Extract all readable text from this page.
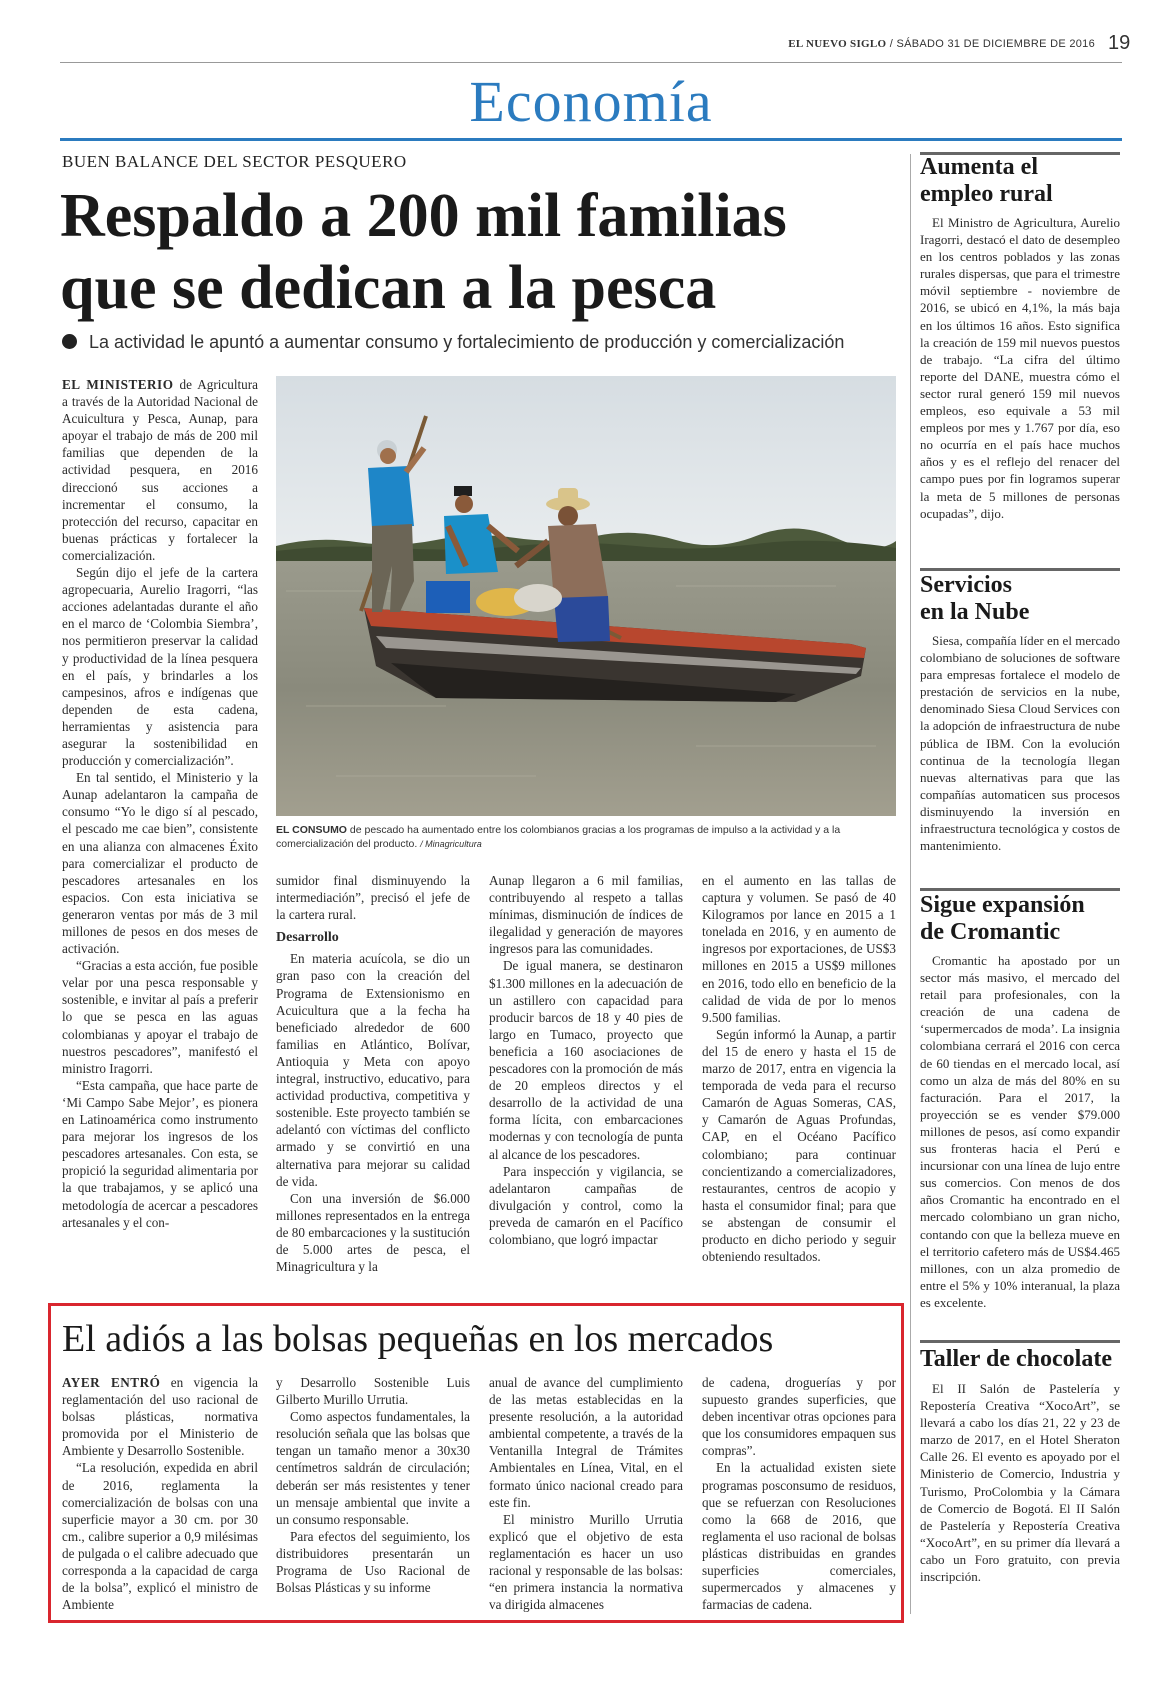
EL NUEVO SIGLO / SÁBADO 31 DE DICIEMBRE DE 2016 19
Economía
BUEN BALANCE DEL SECTOR PESQUERO
Respaldo a 200 mil familias
que se dedican a la pesca
La actividad le apuntó a aumentar consumo y fortalecimiento de producción y comercialización

EL MINISTERIO de Agricultura a través de la Autoridad Nacional de Acuicultura y Pesca, Aunap, para apoyar el trabajo de más de 200 mil familias que dependen de la actividad pesquera, en 2016 direccionó sus acciones a incrementar el consumo, la protección del recurso, capacitar en buenas prácticas y fortalecer la comercialización.

Según dijo el jefe de la cartera agropecuaria, Aurelio Iragorri, “las acciones adelantadas durante el año en el marco de ‘Colombia Siembra’, nos permitieron preservar la calidad y productividad de la línea pesquera en el país, y brindarles a los campesinos, afros e indígenas que dependen de esta cadena, herramientas y asistencia para asegurar la sostenibilidad en producción y comercialización”.

En tal sentido, el Ministerio y la Aunap adelantaron la campaña de consumo “Yo le digo sí al pescado, el pescado me cae bien”, consistente en una alianza con almacenes Éxito para comercializar el producto de pescadores artesanales en los espacios. Con esta iniciativa se generaron ventas por más de 3 mil millones de pesos en dos meses de activación.

“Gracias a esta acción, fue posible velar por una pesca responsable y sostenible, e invitar al país a preferir lo que se pesca en las aguas colombianas y apoyar el trabajo de nuestros pescadores”, manifestó el ministro Iragorri.

“Esta campaña, que hace parte de ‘Mi Campo Sabe Mejor’, es pionera en Latinoamérica como instrumento para mejorar los ingresos de los pescadores artesanales. Con esta, se propició la seguridad alimentaria por la que trabajamos, y se aplicó una metodología de acercar a pescadores artesanales y el con-

EL CONSUMO de pescado ha aumentado entre los colombianos gracias a los programas de impulso a la actividad y a la comercialización del producto. / Minagricultura

sumidor final disminuyendo la intermediación”, precisó el jefe de la cartera rural.

Desarrollo

En materia acuícola, se dio un gran paso con la creación del Programa de Extensionismo en Acuicultura que a la fecha ha beneficiado alrededor de 600 familias en Atlántico, Bolívar, Antioquia y Meta con apoyo integral, instructivo, educativo, para actividad productiva, competitiva y sostenible. Este proyecto también se adelantó con víctimas del conflicto armado y se convirtió en una alternativa para mejorar su calidad de vida.

Con una inversión de $6.000 millones representados en la entrega de 80 embarcaciones y la sustitución de 5.000 artes de pesca, el Minagricultura y la

Aunap llegaron a 6 mil familias, contribuyendo al respeto a tallas mínimas, disminución de índices de ilegalidad y generación de mayores ingresos para las comunidades.

De igual manera, se destinaron $1.300 millones en la adecuación de un astillero con capacidad para producir barcos de 18 y 40 pies de largo en Tumaco, proyecto que beneficia a 160 asociaciones de pescadores con la promoción de más de 20 empleos directos y el desarrollo de la actividad de una forma lícita, con embarcaciones modernas y con tecnología de punta al alcance de los pescadores.

Para inspección y vigilancia, se adelantaron campañas de divulgación y control, como la preveda de camarón en el Pacífico colombiano, que logró impactar

en el aumento en las tallas de captura y volumen. Se pasó de 40 Kilogramos por lance en 2015 a 1 tonelada en 2016, y en aumento de ingresos por exportaciones, de US$3 millones en 2015 a US$9 millones en 2016, todo ello en beneficio de la calidad de vida de por lo menos 9.500 familias.

Según informó la Aunap, a partir del 15 de enero y hasta el 15 de marzo de 2017, entra en vigencia la temporada de veda para el recurso Camarón de Aguas Someras, CAS, y Camarón de Aguas Profundas, CAP, en el Océano Pacífico colombiano; para continuar concientizando a comercializadores, restaurantes, centros de acopio y hasta el consumidor final; para que se abstengan de consumir el producto en dicho periodo y seguir obteniendo resultados.

Aumenta el
empleo rural
El Ministro de Agricultura, Aurelio Iragorri, destacó el dato de desempleo en los centros poblados y las zonas rurales dispersas, que para el trimestre móvil septiembre - noviembre de 2016, se ubicó en 4,1%, la más baja en los últimos 16 años. Esto significa la creación de 159 mil nuevos puestos de trabajo. “La cifra del último reporte del DANE, muestra cómo el sector rural generó 159 mil nuevos empleos, eso equivale a 53 mil empleos por mes y 1.767 por día, eso no ocurría en el país hace muchos años y es el reflejo del renacer del campo pues por fin logramos superar la meta de 5 millones de personas ocupadas”, dijo.
Servicios
en la Nube
Siesa, compañía líder en el mercado colombiano de soluciones de software para empresas fortalece el modelo de prestación de servicios en la nube, denominado Siesa Cloud Services con la adopción de infraestructura de nube pública de IBM. Con la evolución continua de la tecnología llegan nuevas alternativas para que las compañías automaticen sus procesos disminuyendo la inversión en infraestructura tecnológica y costos de mantenimiento.
Sigue expansión
de Cromantic
Cromantic ha apostado por un sector más masivo, el mercado del retail para profesionales, con la creación de una cadena de ‘supermercados de moda’. La insignia colombiana cerrará el 2016 con cerca de 60 tiendas en el mercado local, así como un alza de más del 80% en su facturación. Para el 2017, la proyección se es vender $79.000 millones de pesos, así como expandir sus fronteras hacia el Perú e incursionar con una línea de lujo entre sus comercios. Con menos de dos años Cromantic ha encontrado en el mercado colombiano un gran nicho, contando con que la belleza mueve en el territorio cafetero más de US$4.465 millones, con un alza promedio de entre el 5% y 10% interanual, la plaza es excelente.
Taller de chocolate
El II Salón de Pastelería y Repostería Creativa “XocoArt”, se llevará a cabo los días 21, 22 y 23 de marzo de 2017, en el Hotel Sheraton Calle 26. El evento es apoyado por el Ministerio de Comercio, Industria y Turismo, ProColombia y la Cámara de Comercio de Bogotá. El II Salón de Pastelería y Repostería Creativa “XocoArt”, en su primer día llevará a cabo un Foro gratuito, con previa inscripción.
El adiós a las bolsas pequeñas en los mercados

AYER ENTRÓ en vigencia la reglamentación del uso racional de bolsas plásticas, normativa promovida por el Ministerio de Ambiente y Desarrollo Sostenible.

“La resolución, expedida en abril de 2016, reglamenta la comercialización de bolsas con una superficie mayor a 30 cm. por 30 cm., calibre superior a 0,9 milésimas de pulgada o el calibre adecuado que corresponda a la capacidad de carga de la bolsa”, explicó el ministro de Ambiente

y Desarrollo Sostenible Luis Gilberto Murillo Urrutia.

Como aspectos fundamentales, la resolución señala que las bolsas que tengan un tamaño menor a 30x30 centímetros saldrán de circulación; deberán ser más resistentes y tener un mensaje ambiental que invite a un consumo responsable.

Para efectos del seguimiento, los distribuidores presentarán un Programa de Uso Racional de Bolsas Plásticas y su informe

anual de avance del cumplimiento de las metas establecidas en la presente resolución, a la autoridad ambiental competente, a través de la Ventanilla Integral de Trámites Ambientales en Línea, Vital, en el formato único nacional creado para este fin.

El ministro Murillo Urrutia explicó que el objetivo de esta reglamentación es hacer un uso racional y responsable de las bolsas: “en primera instancia la normativa va dirigida almacenes

de cadena, droguerías y por supuesto grandes superficies, que deben incentivar otras opciones para que los consumidores empaquen sus compras”.

En la actualidad existen siete programas posconsumo de residuos, que se refuerzan con Resoluciones como la 668 de 2016, que reglamenta el uso racional de bolsas plásticas distribuidas en grandes superficies comerciales, supermercados y almacenes y farmacias de cadena.
